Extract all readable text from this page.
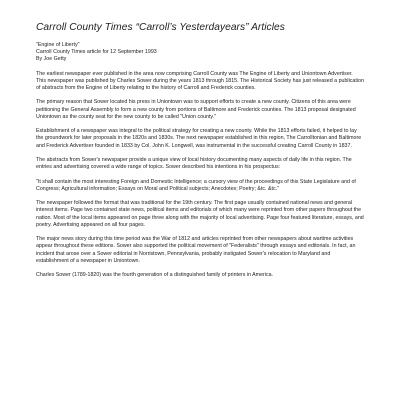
Carroll County Times “Carroll’s Yesterdayears” Articles
"Engine of Liberty"
Carroll County Times article for 12 September 1993
By Joe Getty

The earliest newspaper ever published in the area now comprising Carroll County was The Engine of Liberty and Uniontown Advertiser. This newspaper was published by Charles Sower during the years 1813 through 1815. The Historical Society has just released a publication of abstracts from the Engine of Liberty relating to the history of Carroll and Frederick counties.

The primary reason that Sower located his press in Uniontown was to support efforts to create a new county. Citizens of this area were petitioning the General Assembly to form a new county from portions of Baltimore and Frederick counties. The 1813 proposal designated Uniontown as the county seat for the new county to be called "Union county."

Establishment of a newspaper was integral to the political strategy for creating a new county. While the 1813 efforts failed, it helped to lay the groundwork for later proposals in the 1820s and 1830s. The next newspaper established in this region, The Carrolltonian and Baltimore and Frederick Advertiser founded in 1833 by Col. John K. Longwell, was instrumental in the successful creating Carroll County in 1837.

The abstracts from Sower's newspaper provide a unique view of local history documenting many aspects of daily life in this region. The entries and advertising covered a wide range of topics. Sower described his intentions in his prospectus:

"It shall contain the most interesting Foreign and Domestic Intelligence; a cursory view of the proceedings of this State Legislature and of Congress; Agricultural information; Essays on Moral and Political subjects; Anecdotes; Poetry; &tc. &tc."

The newspaper followed the format that was traditional for the 19th century. The first page usually contained national news and general interest items. Page two contained state news, political items and editorials of which many were reprinted from other papers throughout the nation. Most of the local items appeared on page three along with the majority of local advertising. Page four featured literature, essays, and poetry. Advertising appeared on all four pages.

The major news story during this time period was the War of 1812 and articles reprinted from other newspapers about wartime activities appear throughout these editions. Sower also supported the political movement of "Federalists" through essays and editorials. In fact, an incident that arose over a Sower editorial in Norristown, Pennsylvania, probably instigated Sower's relocation to Maryland and establishment of a newspaper in Uniontown.

Charles Sower (1789-1820) was the fourth generation of a distinguished family of printers in America.
